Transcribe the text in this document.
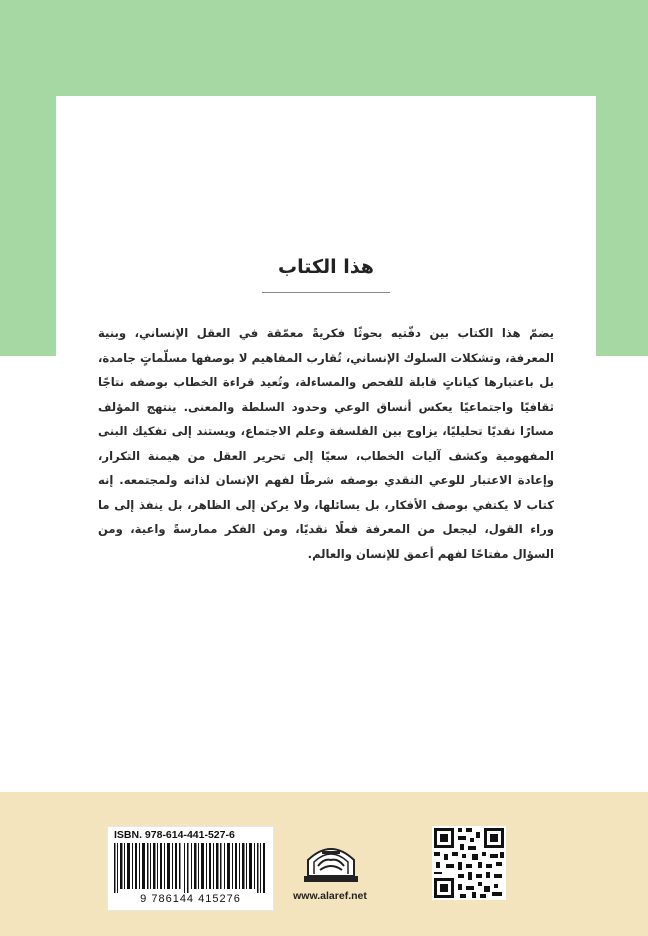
هذا الكتاب
يضمّ هذا الكتاب بين دفّتيه بحوثًا فكريةً معمّقة في العقل الإنساني، وبنية المعرفة، وتشكلات السلوك الإنساني، تُقارب المفاهيم لا بوصفها مسلّماتٍ جامدة، بل باعتبارها كياناتٍ قابلة للفحص والمساءلة، وتُعيد قراءة الخطاب بوصفه نتاجًا ثقافيًا واجتماعيًا يعكس أنساق الوعي وحدود السلطة والمعنى. ينتهج المؤلف مسارًا نقديًا تحليليًا، يزاوج بين الفلسفة وعلم الاجتماع، ويستند إلى تفكيك البنى المفهومية وكشف آليات الخطاب، سعيًا إلى تحرير العقل من هيمنة التكرار، وإعادة الاعتبار للوعي النقدي بوصفه شرطًا لفهم الإنسان لذاته ولمجتمعه. إنه كتاب لا يكتفي بوصف الأفكار، بل يسائلها، ولا يركن إلى الظاهر، بل ينفذ إلى ما وراء القول، ليجعل من المعرفة فعلًا نقديًا، ومن الفكر ممارسةً واعية، ومن السؤال مفتاحًا لفهم أعمق للإنسان والعالم.
ISBN. 978-614-441-527-6
9 786144 415276	www.alaref.net
